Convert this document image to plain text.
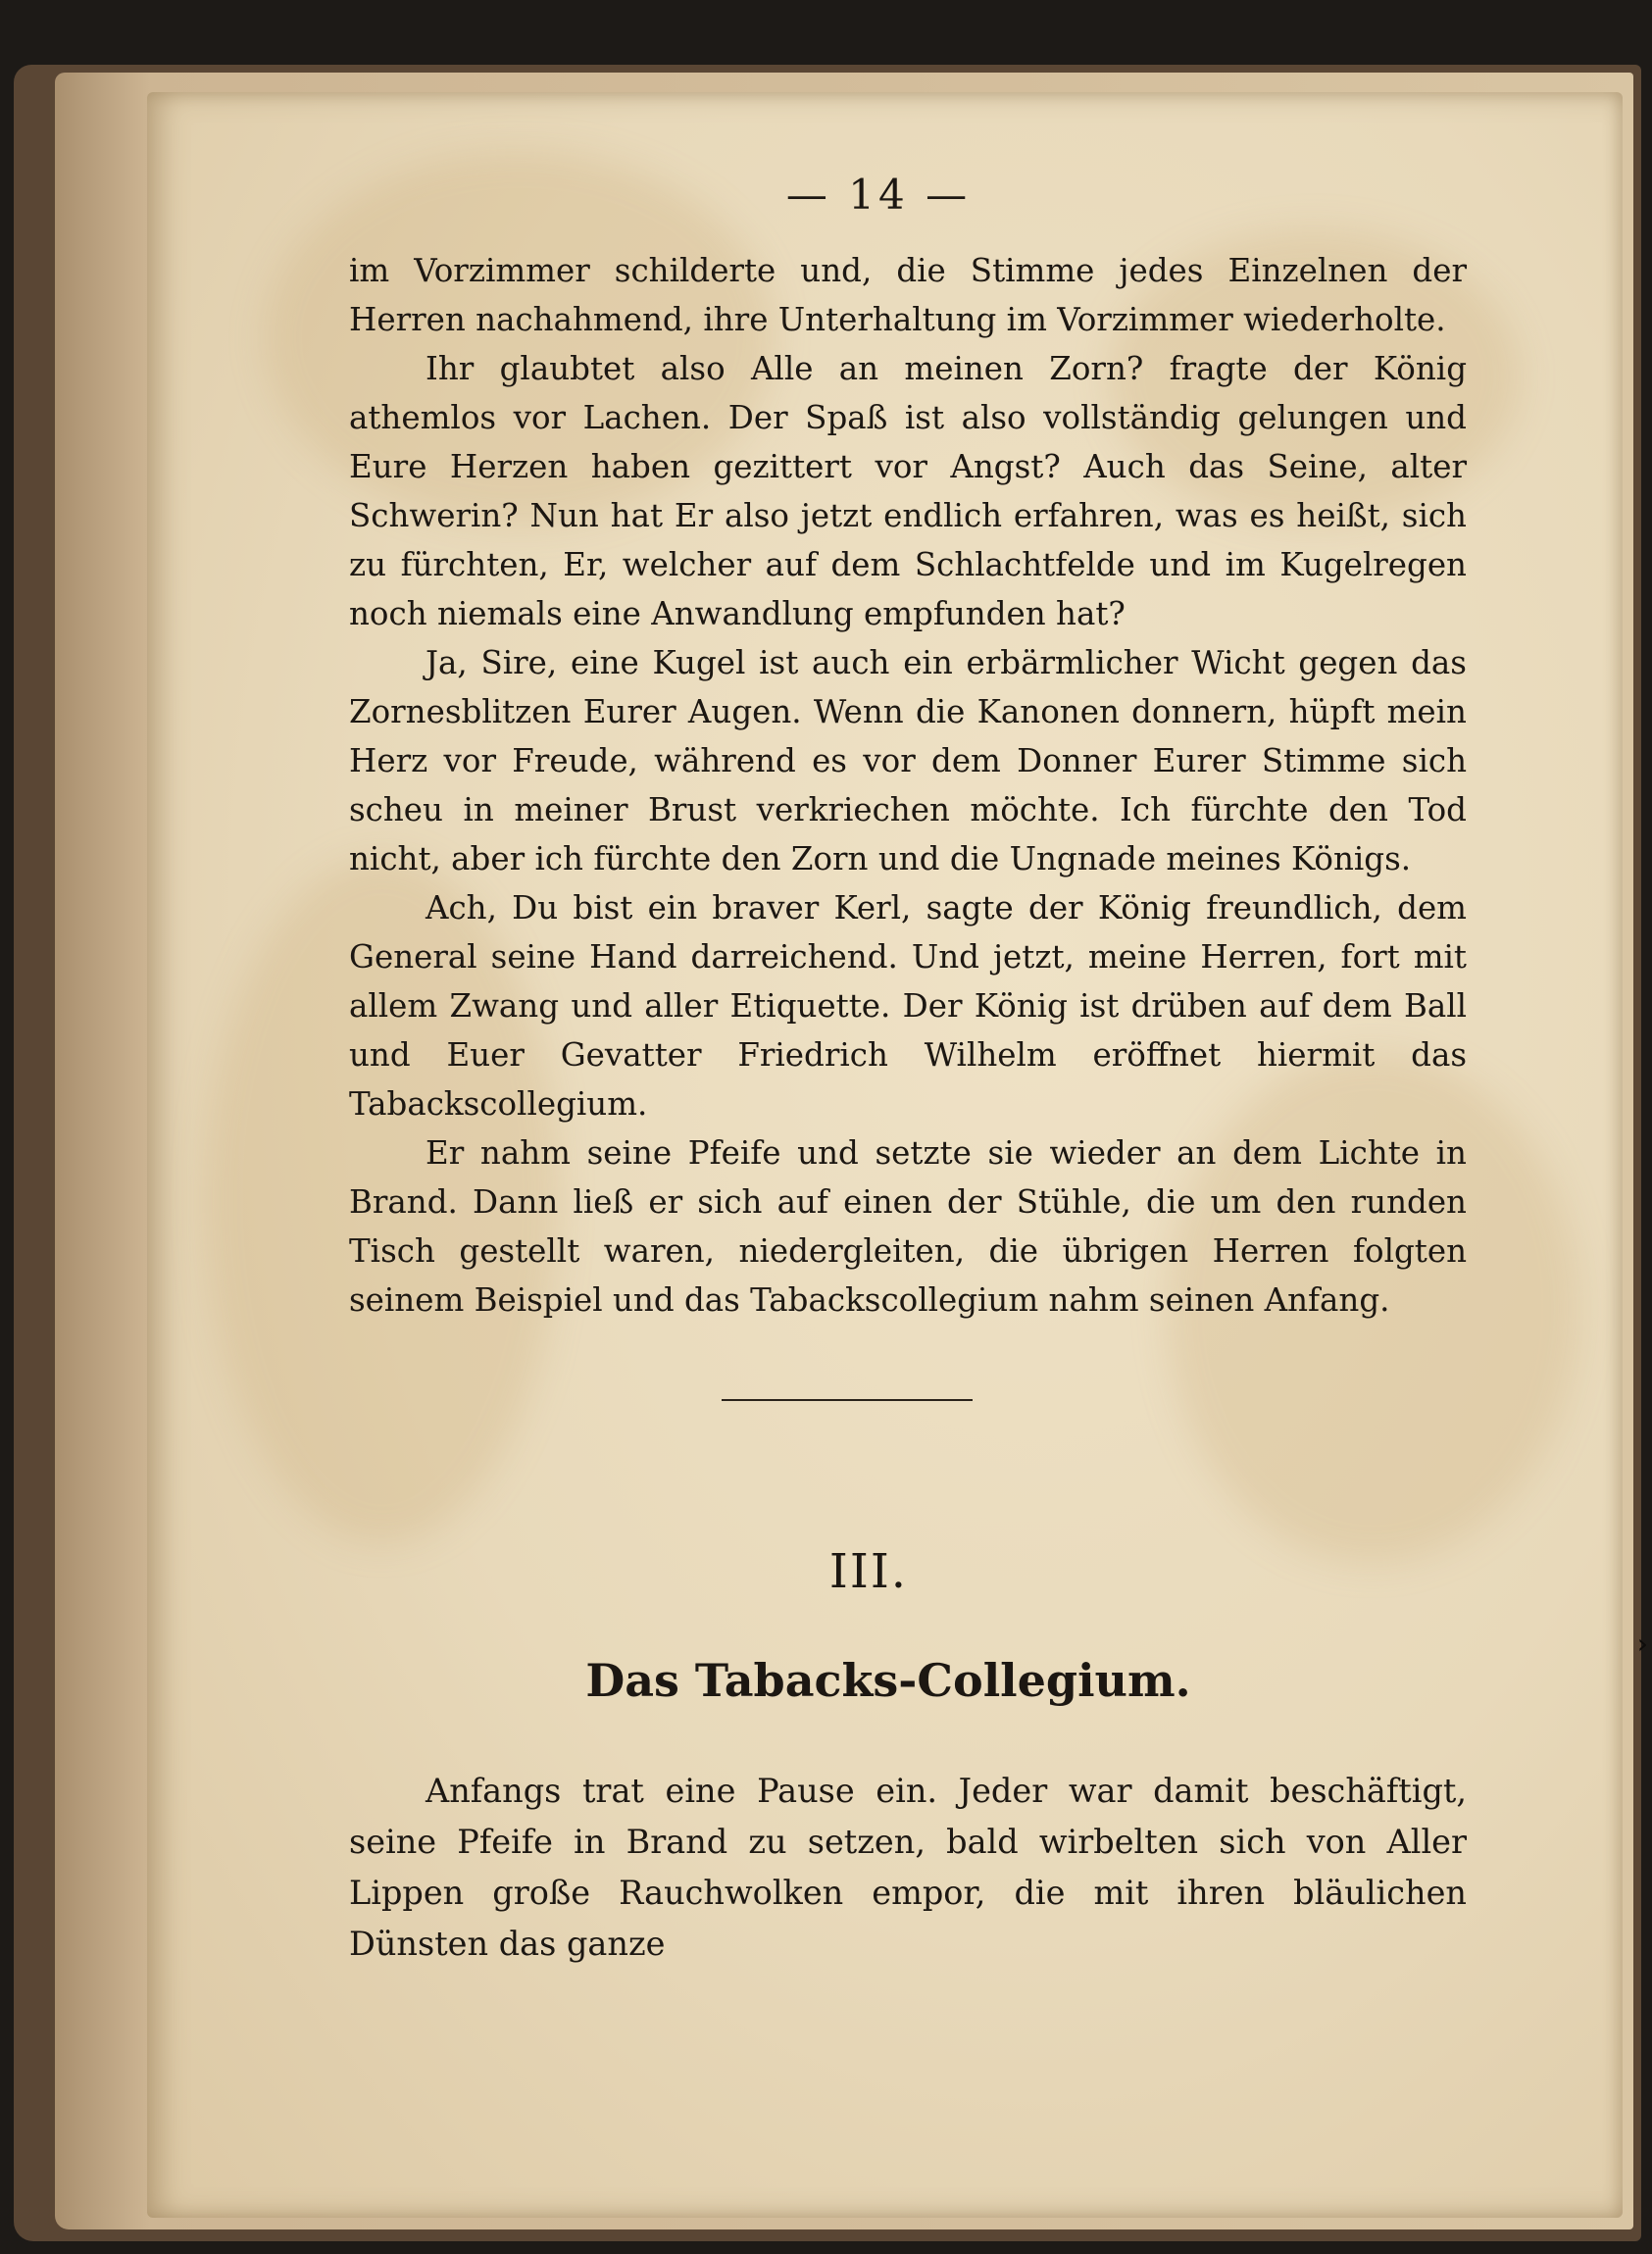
— 14 —

im Vorzimmer schilderte und, die Stimme jedes Einzelnen der Herren nachahmend, ihre Unterhaltung im Vorzimmer wiederholte.

Ihr glaubtet also Alle an meinen Zorn? fragte der König athemlos vor Lachen. Der Spaß ist also vollständig gelungen und Eure Herzen haben gezittert vor Angst? Auch das Seine, alter Schwerin? Nun hat Er also jetzt endlich erfahren, was es heißt, sich zu fürchten, Er, welcher auf dem Schlachtfelde und im Kugelregen noch niemals eine Anwandlung empfunden hat?

Ja, Sire, eine Kugel ist auch ein erbärmlicher Wicht gegen das Zornesblitzen Eurer Augen. Wenn die Kanonen donnern, hüpft mein Herz vor Freude, während es vor dem Donner Eurer Stimme sich scheu in meiner Brust verkriechen möchte. Ich fürchte den Tod nicht, aber ich fürchte den Zorn und die Ungnade meines Königs.

Ach, Du bist ein braver Kerl, sagte der König freundlich, dem General seine Hand darreichend. Und jetzt, meine Herren, fort mit allem Zwang und aller Etiquette. Der König ist drüben auf dem Ball und Euer Gevatter Friedrich Wilhelm eröffnet hiermit das Tabackscollegium.

Er nahm seine Pfeife und setzte sie wieder an dem Lichte in Brand. Dann ließ er sich auf einen der Stühle, die um den runden Tisch gestellt waren, niedergleiten, die übrigen Herren folgten seinem Beispiel und das Tabackscollegium nahm seinen Anfang.

III.
Das Tabacks-Collegium.

Anfangs trat eine Pause ein. Jeder war damit beschäftigt, seine Pfeife in Brand zu setzen, bald wirbelten sich von Aller Lippen große Rauchwolken empor, die mit ihren bläulichen Dünsten das ganze

›
